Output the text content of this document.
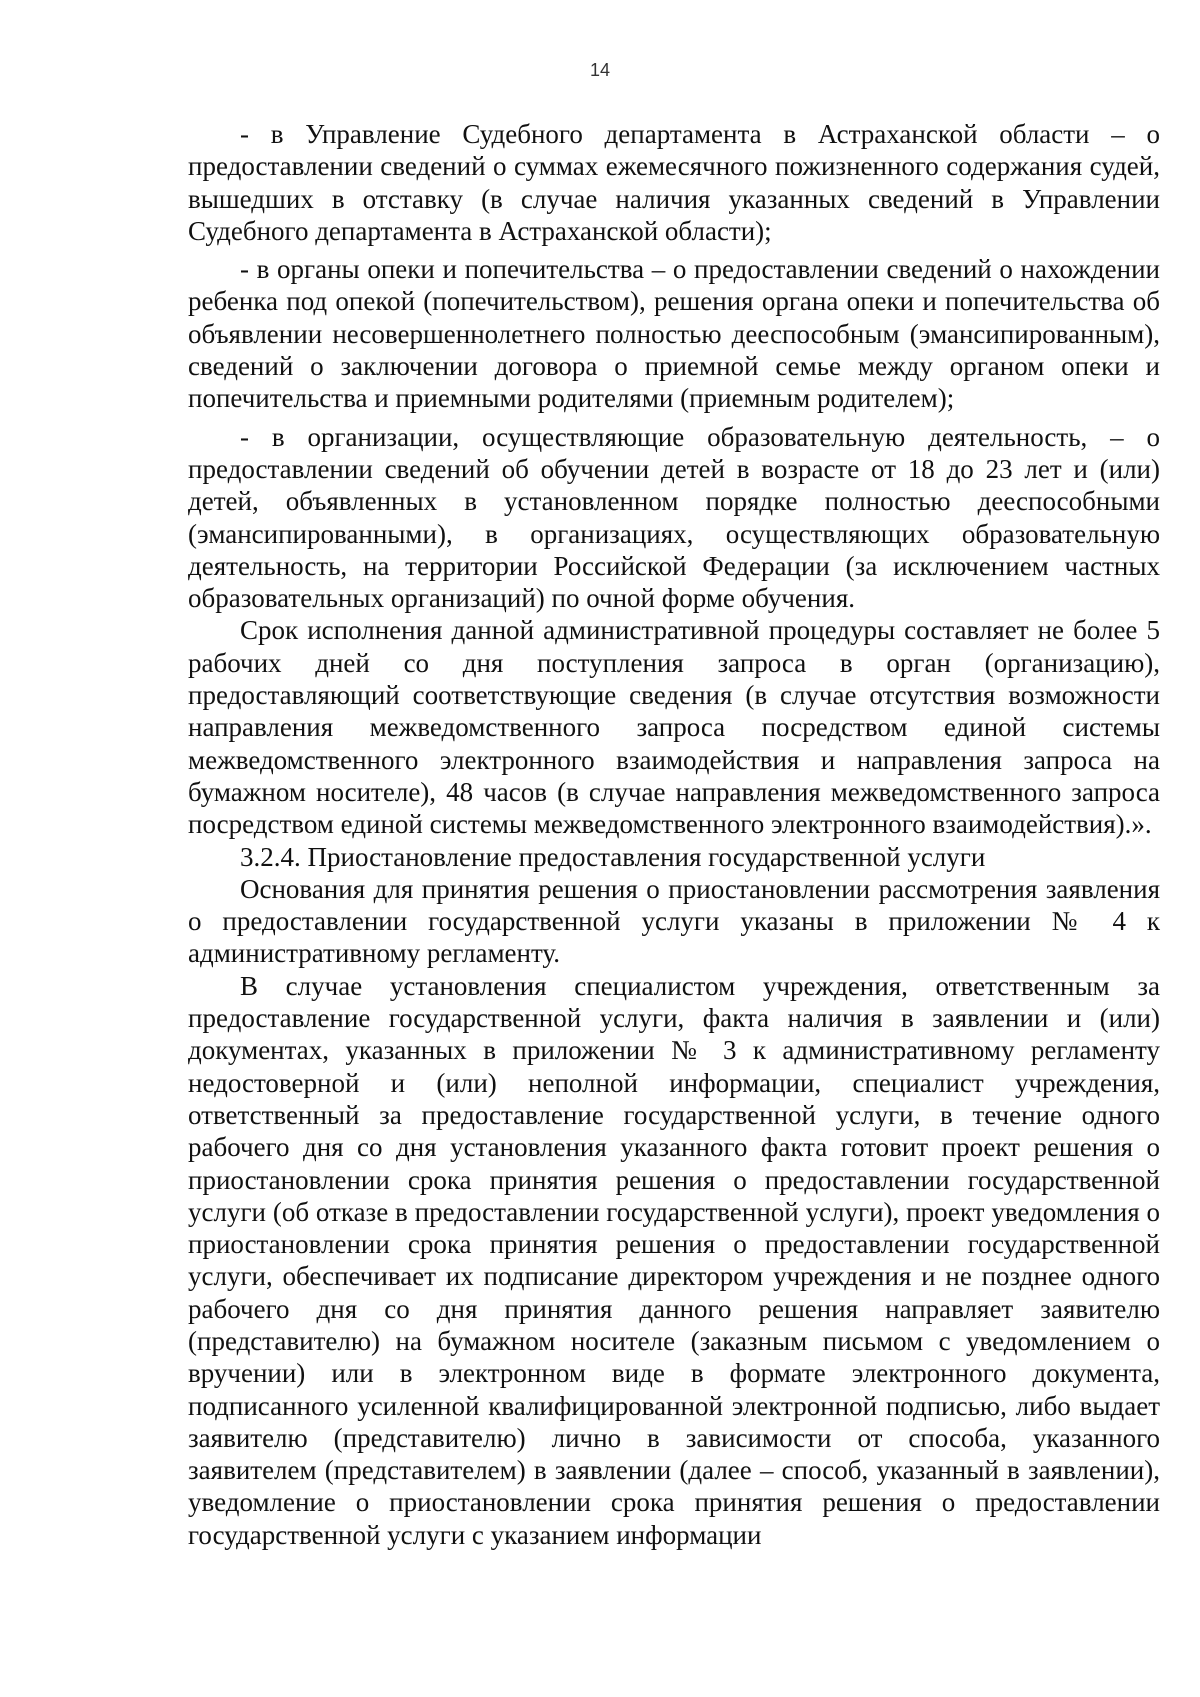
14

- в Управление Судебного департамента в Астраханской области – о предоставлении сведений о суммах ежемесячного пожизненного содержания судей, вышедших в отставку (в случае наличия указанных сведений в Управлении Судебного департамента в Астраханской области);

- в органы опеки и попечительства – о предоставлении сведений о нахождении ребенка под опекой (попечительством), решения органа опеки и попечительства об объявлении несовершеннолетнего полностью дееспособным (эмансипированным), сведений о заключении договора о приемной семье между органом опеки и попечительства и приемными родителями (приемным родителем);

- в организации, осуществляющие образовательную деятельность, – о предоставлении сведений об обучении детей в возрасте от 18 до 23 лет и (или) детей, объявленных в установленном порядке полностью дееспособными (эмансипированными), в организациях, осуществляющих образовательную деятельность, на территории Российской Федерации (за исключением частных образовательных организаций) по очной форме обучения.

Срок исполнения данной административной процедуры составляет не более 5 рабочих дней со дня поступления запроса в орган (организацию), предоставляющий соответствующие сведения (в случае отсутствия возможности направления межведомственного запроса посредством единой системы межведомственного электронного взаимодействия и направления запроса на бумажном носителе), 48 часов (в случае направления межведомственного запроса посредством единой системы межведомственного электронного взаимодействия).».

3.2.4. Приостановление предоставления государственной услуги

Основания для принятия решения о приостановлении рассмотрения заявления о предоставлении государственной услуги указаны в приложении № 4 к административному регламенту.

В случае установления специалистом учреждения, ответственным за предоставление государственной услуги, факта наличия в заявлении и (или) документах, указанных в приложении № 3 к административному регламенту недостоверной и (или) неполной информации, специалист учреждения, ответственный за предоставление государственной услуги, в течение одного рабочего дня со дня установления указанного факта готовит проект решения о приостановлении срока принятия решения о предоставлении государственной услуги (об отказе в предоставлении государственной услуги), проект уведомления о приостановлении срока принятия решения о предоставлении государственной услуги, обеспечивает их подписание директором учреждения и не позднее одного рабочего дня со дня принятия данного решения направляет заявителю (представителю) на бумажном носителе (заказным письмом с уведомлением о вручении) или в электронном виде в формате электронного документа, подписанного усиленной квалифицированной электронной подписью, либо выдает заявителю (представителю) лично в зависимости от способа, указанного заявителем (представителем) в заявлении (далее – способ, указанный в заявлении), уведомление о приостановлении срока принятия решения о предоставлении государственной услуги с указанием информации
